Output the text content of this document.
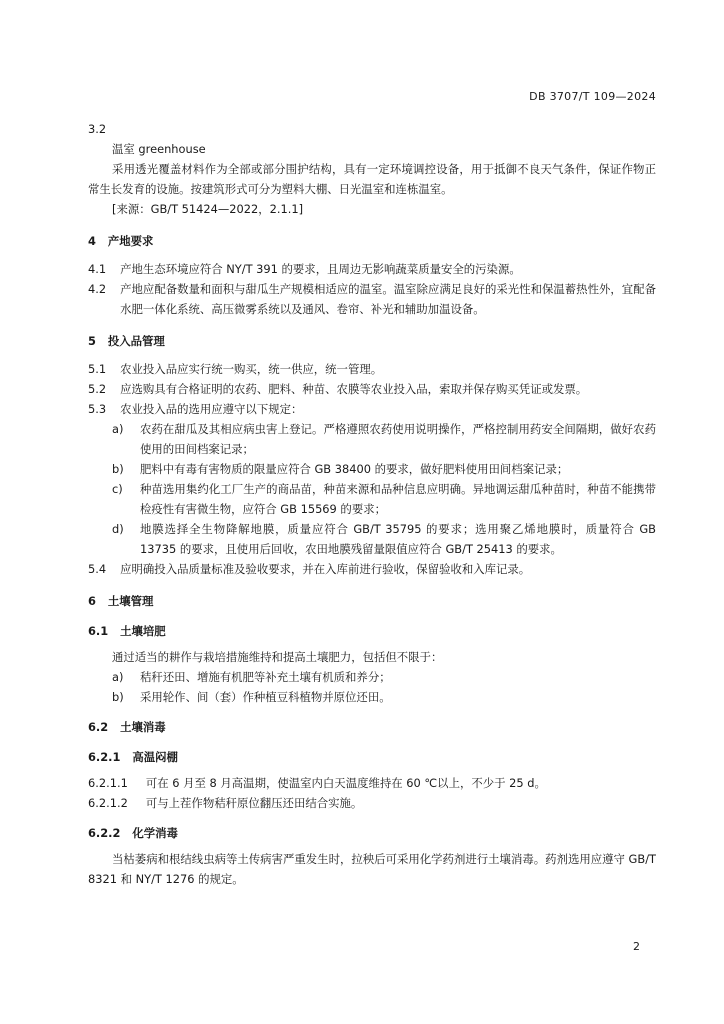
DB 3707/T 109—2024
3.2
温室 greenhouse
采用透光覆盖材料作为全部或部分围护结构，具有一定环境调控设备，用于抵御不良天气条件，保证作物正常生长发育的设施。按建筑形式可分为塑料大棚、日光温室和连栋温室。
[来源：GB/T 51424—2022，2.1.1]
4 产地要求
4.1	产地生态环境应符合 NY/T 391 的要求，且周边无影响蔬菜质量安全的污染源。
4.2	产地应配备数量和面积与甜瓜生产规模相适应的温室。温室除应满足良好的采光性和保温蓄热性外，宜配备水肥一体化系统、高压微雾系统以及通风、卷帘、补光和辅助加温设备。
5 投入品管理
5.1	农业投入品应实行统一购买，统一供应，统一管理。
5.2	应选购具有合格证明的农药、肥料、种苗、农膜等农业投入品，索取并保存购买凭证或发票。
5.3	农业投入品的选用应遵守以下规定：
a)	农药在甜瓜及其相应病虫害上登记。严格遵照农药使用说明操作，严格控制用药安全间隔期，做好农药使用的田间档案记录；
b)	肥料中有毒有害物质的限量应符合 GB 38400 的要求，做好肥料使用田间档案记录；
c)	种苗选用集约化工厂生产的商品苗，种苗来源和品种信息应明确。异地调运甜瓜种苗时，种苗不能携带检疫性有害微生物，应符合 GB 15569 的要求；
d)	地膜选择全生物降解地膜，质量应符合 GB/T 35795 的要求；选用聚乙烯地膜时，质量符合 GB 13735 的要求，且使用后回收，农田地膜残留量限值应符合 GB/T 25413 的要求。
5.4	应明确投入品质量标准及验收要求，并在入库前进行验收，保留验收和入库记录。
6 土壤管理
6.1 土壤培肥
通过适当的耕作与栽培措施维持和提高土壤肥力，包括但不限于：
a)	秸秆还田、增施有机肥等补充土壤有机质和养分；
b)	采用轮作、间（套）作种植豆科植物并原位还田。
6.2 土壤消毒
6.2.1 高温闷棚
6.2.1.1	可在 6 月至 8 月高温期，使温室内白天温度维持在 60 ℃以上，不少于 25 d。
6.2.1.2	可与上茬作物秸秆原位翻压还田结合实施。
6.2.2 化学消毒
当枯萎病和根结线虫病等土传病害严重发生时，拉秧后可采用化学药剂进行土壤消毒。药剂选用应遵守 GB/T 8321 和 NY/T 1276 的规定。
2
